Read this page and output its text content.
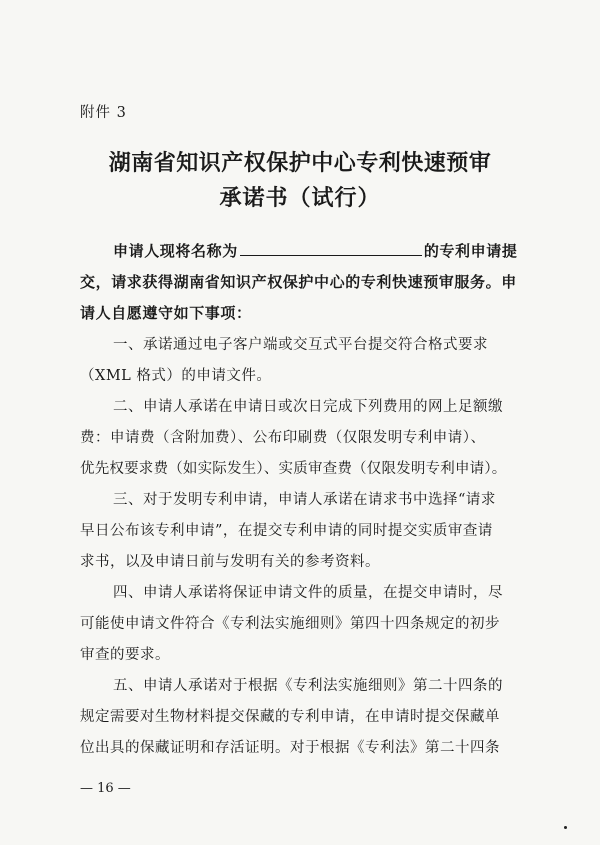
附件 3
湖南省知识产权保护中心专利快速预审
承诺书（试行）
申请人现将名称为	的专利申请提
交，请求获得湖南省知识产权保护中心的专利快速预审服务。申
请人自愿遵守如下事项：
一、承诺通过电子客户端或交互式平台提交符合格式要求
（XML 格式）的申请文件。
二、申请人承诺在申请日或次日完成下列费用的网上足额缴
费：申请费（含附加费）、公布印刷费（仅限发明专利申请）、
优先权要求费（如实际发生）、实质审查费（仅限发明专利申请）。
三、对于发明专利申请，申请人承诺在请求书中选择“请求
早日公布该专利申请”，在提交专利申请的同时提交实质审查请
求书，以及申请日前与发明有关的参考资料。
四、申请人承诺将保证申请文件的质量，在提交申请时，尽
可能使申请文件符合《专利法实施细则》第四十四条规定的初步
审查的要求。
五、申请人承诺对于根据《专利法实施细则》第二十四条的
规定需要对生物材料提交保藏的专利申请，在申请时提交保藏单
位出具的保藏证明和存活证明。对于根据《专利法》第二十四条
— 16 —
